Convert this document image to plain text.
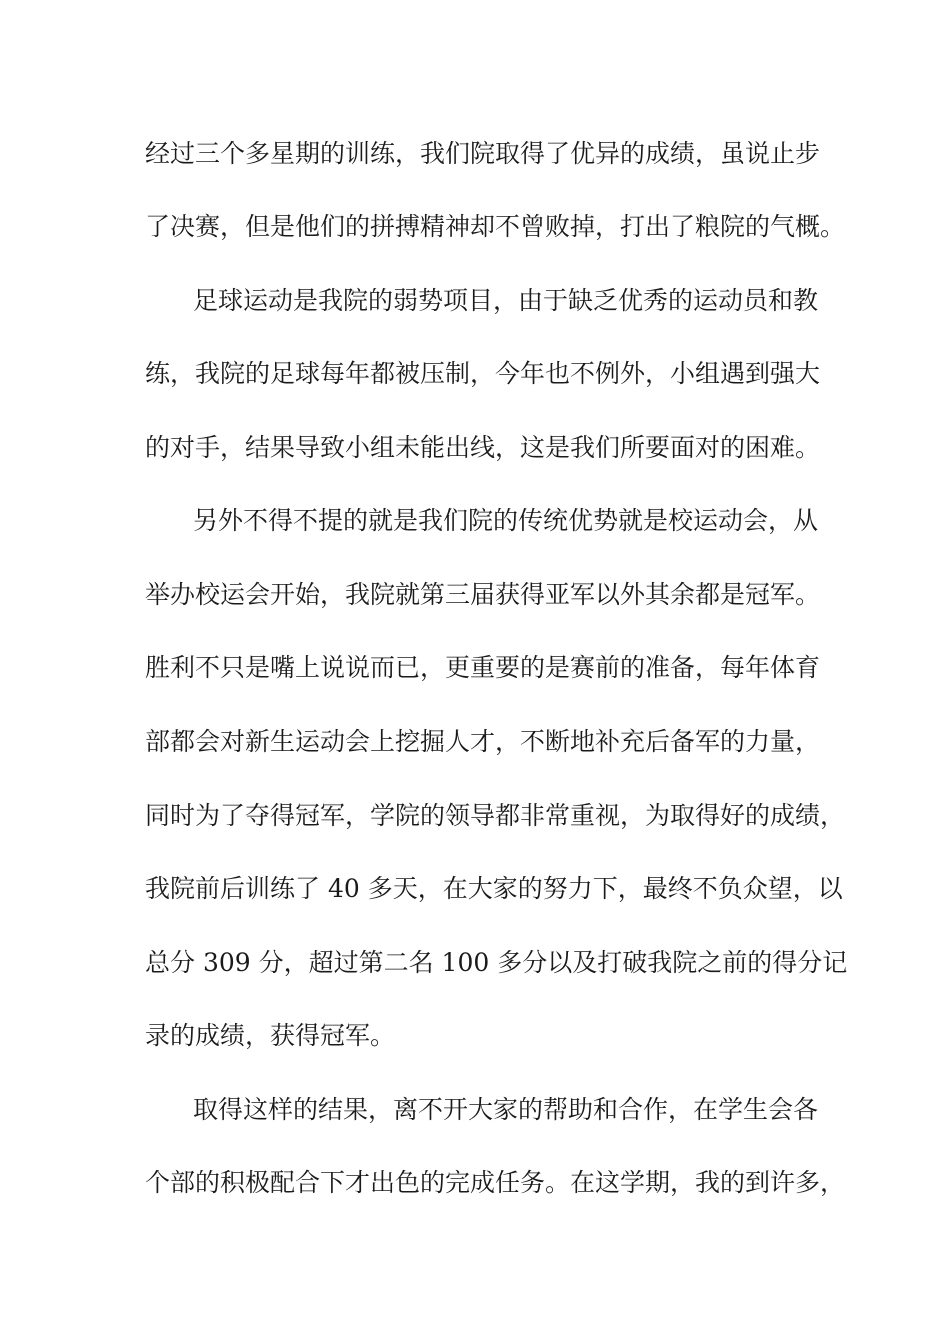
经过三个多星期的训练，我们院取得了优异的成绩，虽说止步
了决赛，但是他们的拼搏精神却不曾败掉，打出了粮院的气概。
足球运动是我院的弱势项目，由于缺乏优秀的运动员和教
练，我院的足球每年都被压制，今年也不例外，小组遇到强大
的对手，结果导致小组未能出线，这是我们所要面对的困难。
另外不得不提的就是我们院的传统优势就是校运动会，从
举办校运会开始，我院就第三届获得亚军以外其余都是冠军。
胜利不只是嘴上说说而已，更重要的是赛前的准备，每年体育
部都会对新生运动会上挖掘人才，不断地补充后备军的力量，
同时为了夺得冠军，学院的领导都非常重视，为取得好的成绩，
我院前后训练了 40 多天，在大家的努力下，最终不负众望，以
总分 309 分，超过第二名 100 多分以及打破我院之前的得分记
录的成绩，获得冠军。
取得这样的结果，离不开大家的帮助和合作，在学生会各
个部的积极配合下才出色的完成任务。在这学期，我的到许多，
